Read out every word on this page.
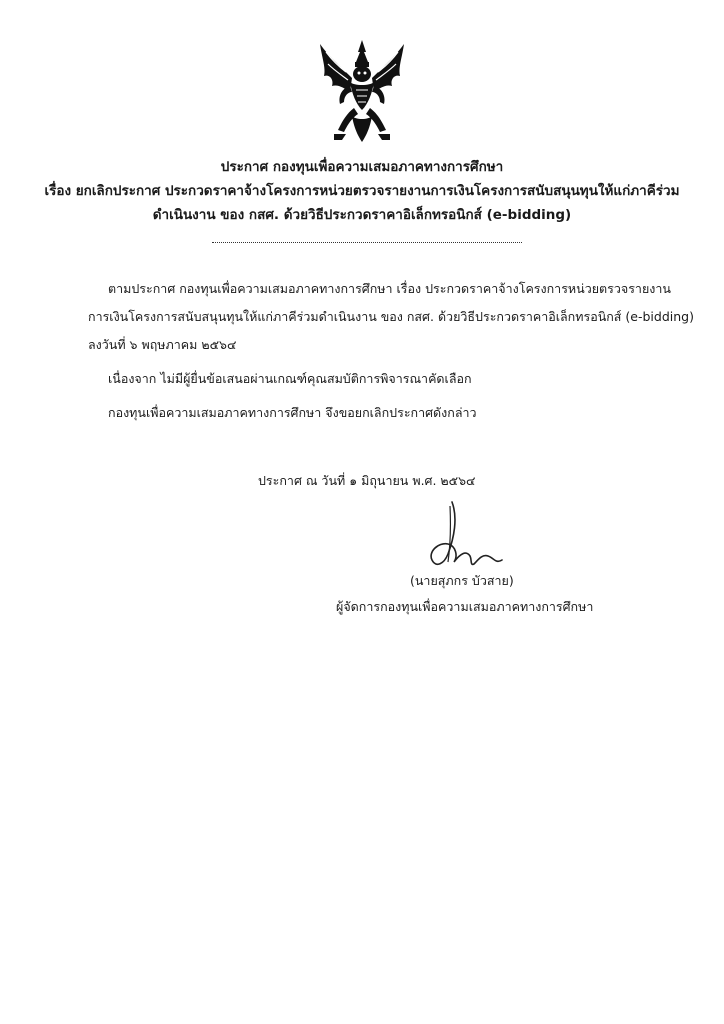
ประกาศ กองทุนเพื่อความเสมอภาคทางการศึกษา
เรื่อง ยกเลิกประกาศ ประกวดราคาจ้างโครงการหน่วยตรวจรายงานการเงินโครงการสนับสนุนทุนให้แก่ภาคีร่วม
ดำเนินงาน ของ กสศ. ด้วยวิธีประกวดราคาอิเล็กทรอนิกส์ (e-bidding)
ตามประกาศ กองทุนเพื่อความเสมอภาคทางการศึกษา เรื่อง ประกวดราคาจ้างโครงการหน่วยตรวจรายงาน
การเงินโครงการสนับสนุนทุนให้แก่ภาคีร่วมดำเนินงาน ของ กสศ. ด้วยวิธีประกวดราคาอิเล็กทรอนิกส์ (e-bidding)
ลงวันที่ ๖ พฤษภาคม ๒๕๖๔
เนื่องจาก ไม่มีผู้ยื่นข้อเสนอผ่านเกณฑ์คุณสมบัติการพิจารณาคัดเลือก
กองทุนเพื่อความเสมอภาคทางการศึกษา จึงขอยกเลิกประกาศดังกล่าว
ประกาศ ณ วันที่ ๑ มิถุนายน พ.ศ. ๒๕๖๔
(นายสุภกร บัวสาย)
ผู้จัดการกองทุนเพื่อความเสมอภาคทางการศึกษา
